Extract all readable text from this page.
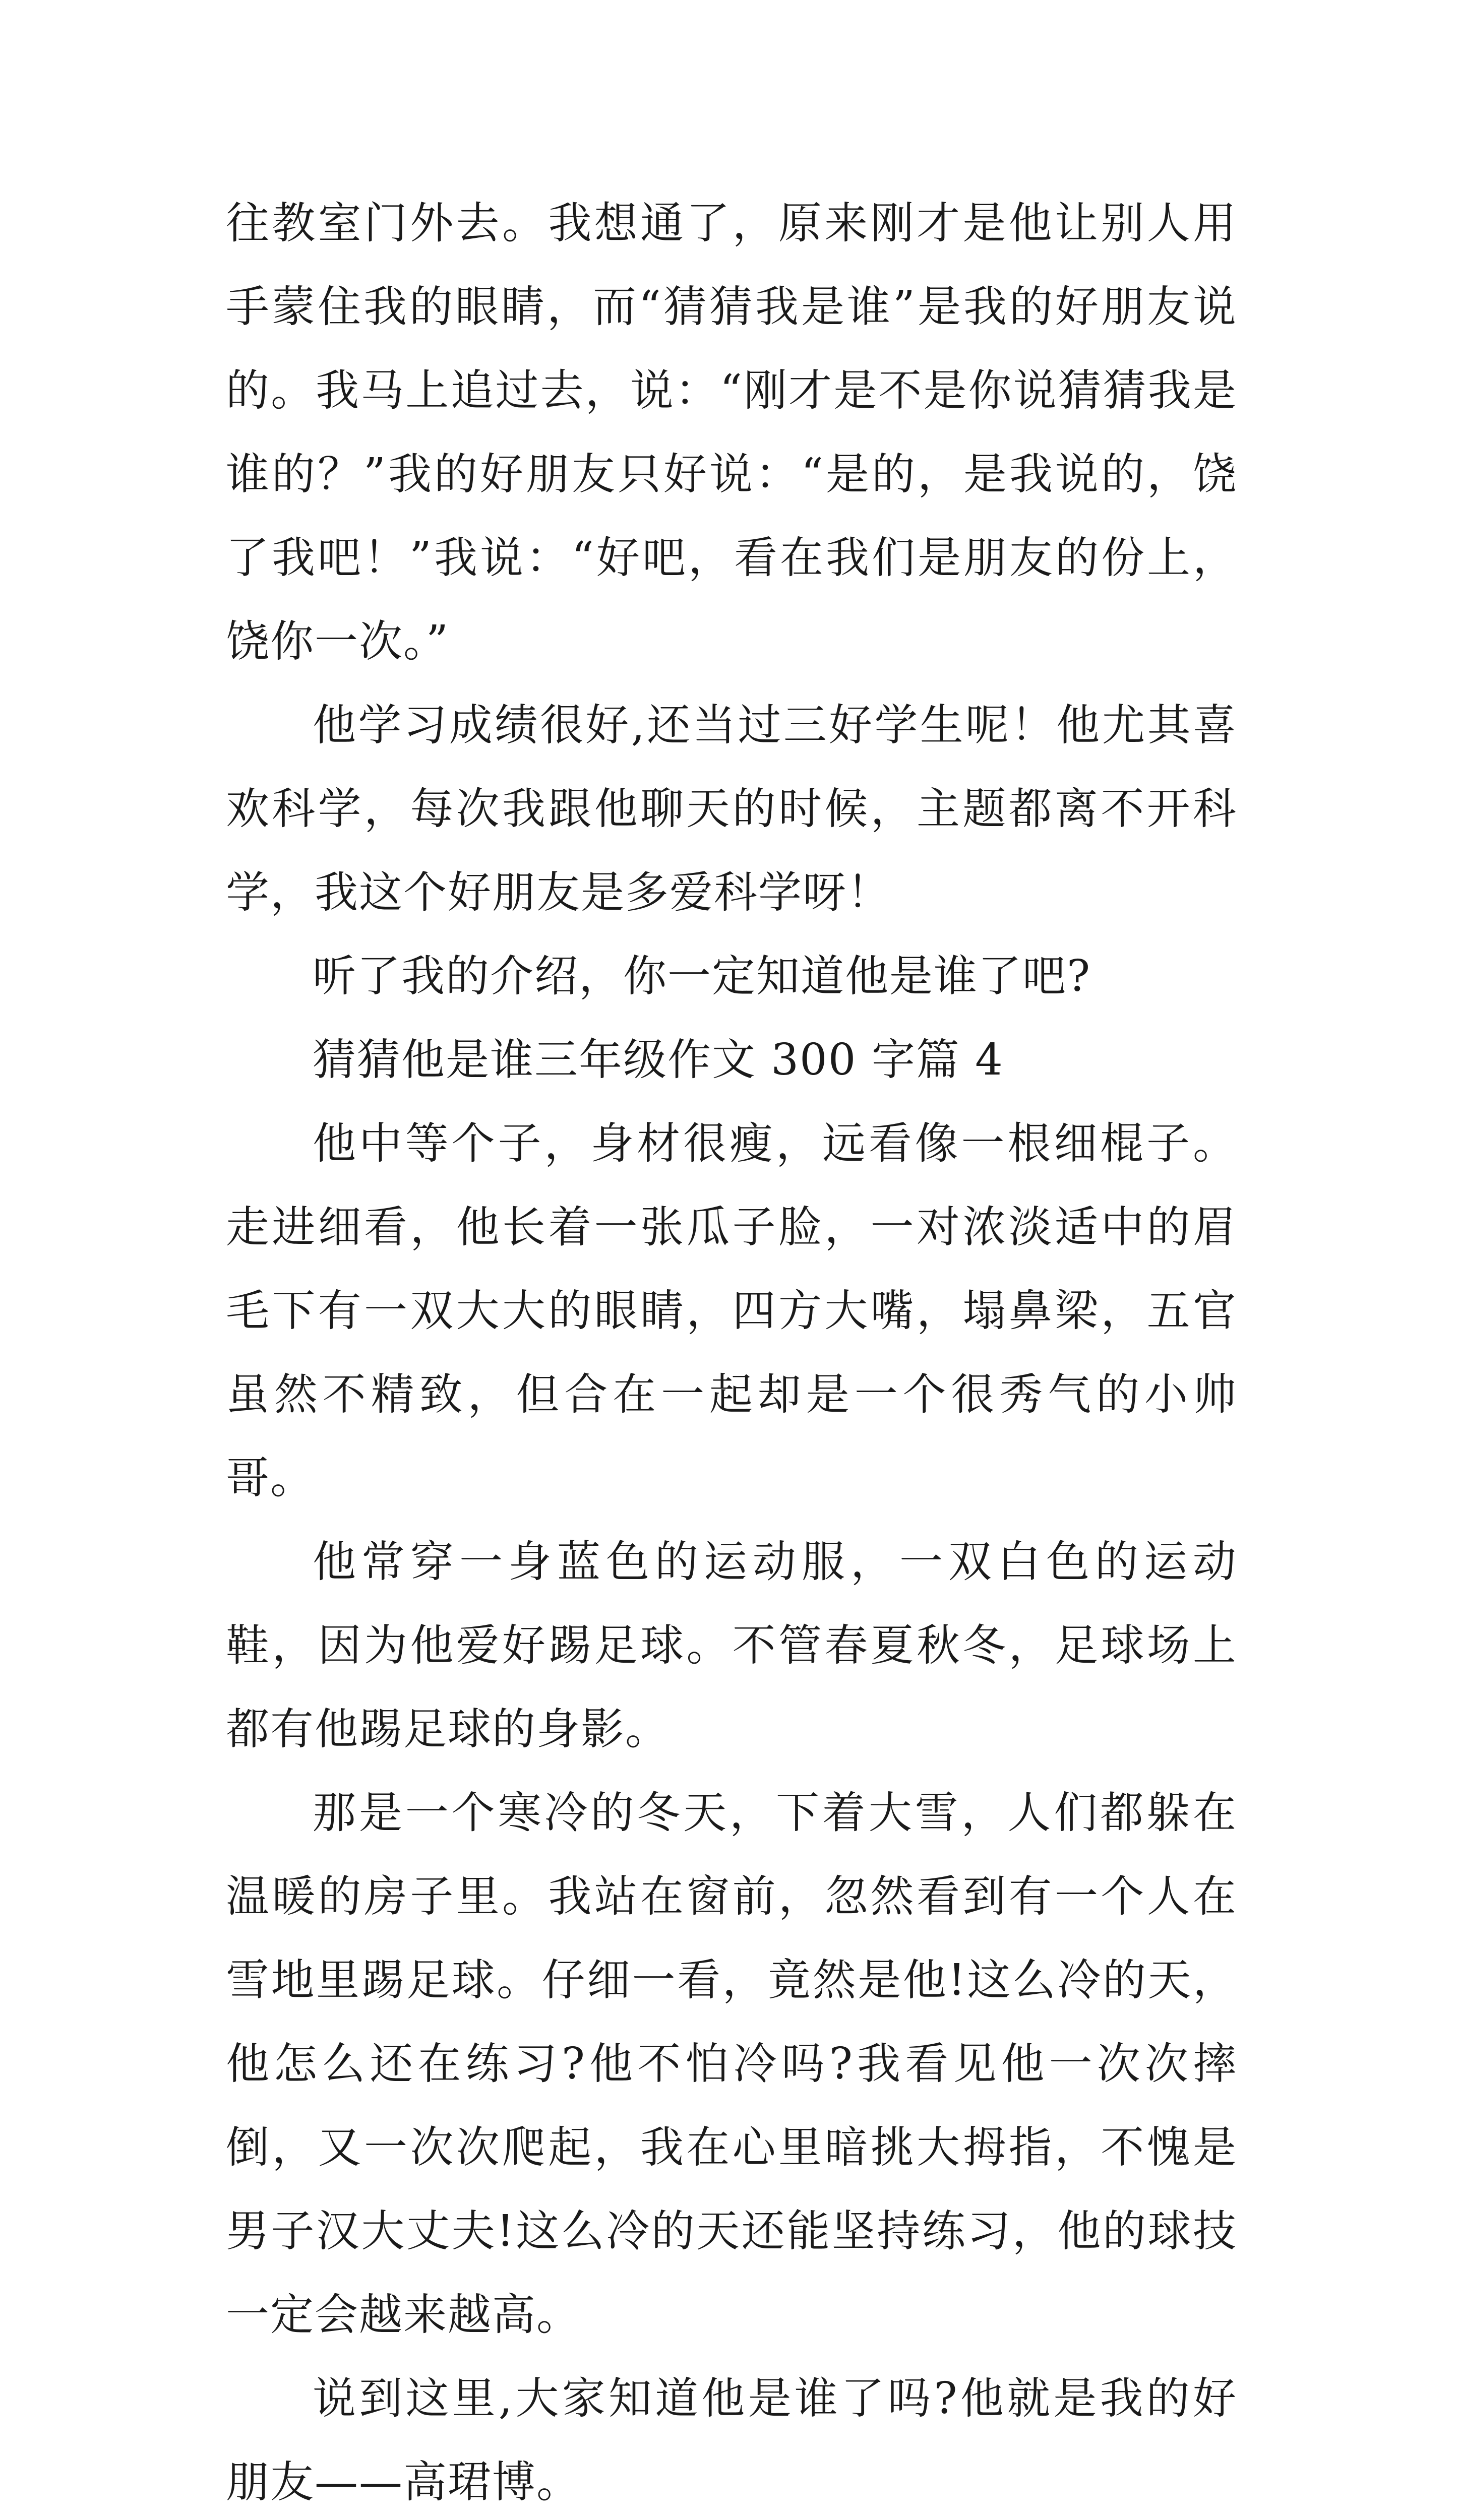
往教室门外去。我想通了，原来刚才是他让别人用手蒙住我的眼睛，而“猜猜我是谁”是我的好朋友说的。我马上追过去，说：“刚才是不是你说猜猜我是谁的？”我的好朋友只好说：“是的，是我说的，饶了我吧！”我说：“好吧，看在我们是朋友的份上，饶你一次。”

他学习成绩很好,还当过三好学生呢！他尤其喜欢科学，每次我跟他聊天的时候，主题都离不开科学，我这个好朋友是多爱科学呀！

听了我的介绍，你一定知道他是谁了吧?

猜猜他是谁三年级作文 300 字篇 4

他中等个子，身材很瘦，远看像一根细棍子。走进细看，他长着一张瓜子脸，一对浓淡适中的眉毛下有一双大大的眼睛，四方大嘴，塌鼻梁，五官虽然不精致，但合在一起却是一个很秀气的小帅哥。

他常穿一身蓝色的运动服，一双白色的运动鞋，因为他爱好踢足球。不管春夏秋冬，足球场上都有他踢足球的身影。

那是一个寒冷的冬天，下着大雪，人们都躲在温暖的房子里。我站在窗前，忽然看到有一个人在雪地里踢足球。仔细一看，竟然是他!这么冷的天，他怎么还在练习?他不怕冷吗?我看见他一次次摔倒，又一次次爬起，我在心里暗挑大拇指，不愧是男子汉大丈夫!这么冷的天还能坚持练习，他的球技一定会越来越高。

说到这里,大家知道他是谁了吗?他就是我的好朋友——高珺博。
